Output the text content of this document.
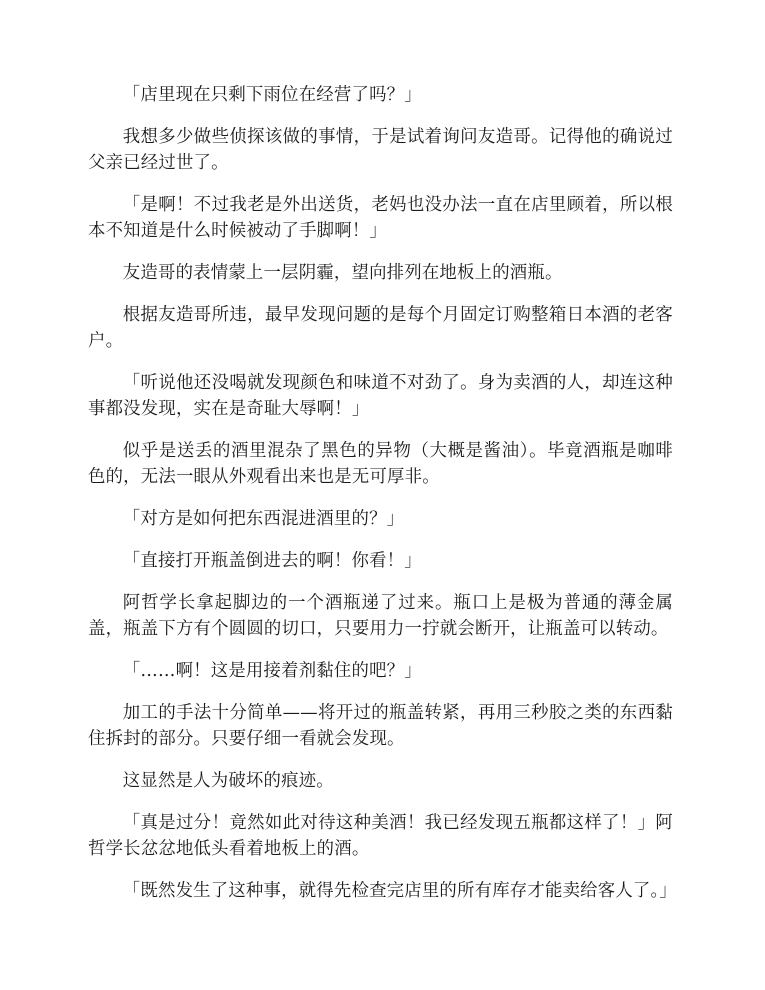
「店里现在只剩下雨位在经营了吗？」

我想多少做些侦探该做的事情，于是试着询问友造哥。记得他的确说过父亲已经过世了。

「是啊！不过我老是外出送货，老妈也没办法一直在店里顾着，所以根本不知道是什么时候被动了手脚啊！」

友造哥的表情蒙上一层阴霾，望向排列在地板上的酒瓶。

根据友造哥所违，最早发现问题的是每个月固定订购整箱日本酒的老客户。

「听说他还没喝就发现颜色和味道不对劲了。身为卖酒的人，却连这种事都没发现，实在是奇耻大辱啊！」

似乎是送丢的酒里混杂了黑色的异物（大概是酱油）。毕竟酒瓶是咖啡色的，无法一眼从外观看出来也是无可厚非。

「对方是如何把东西混进酒里的？」

「直接打开瓶盖倒进去的啊！你看！」

阿哲学长拿起脚边的一个酒瓶递了过来。瓶口上是极为普通的薄金属盖，瓶盖下方有个圆圆的切口，只要用力一拧就会断开，让瓶盖可以转动。

「……啊！这是用接着剂黏住的吧？」

加工的手法十分简单——将开过的瓶盖转紧，再用三秒胶之类的东西黏住拆封的部分。只要仔细一看就会发现。

这显然是人为破坏的痕迹。

「真是过分！竟然如此对待这种美酒！我已经发现五瓶都这样了！」阿哲学长忿忿地低头看着地板上的酒。

「既然发生了这种事，就得先检查完店里的所有库存才能卖给客人了。」
